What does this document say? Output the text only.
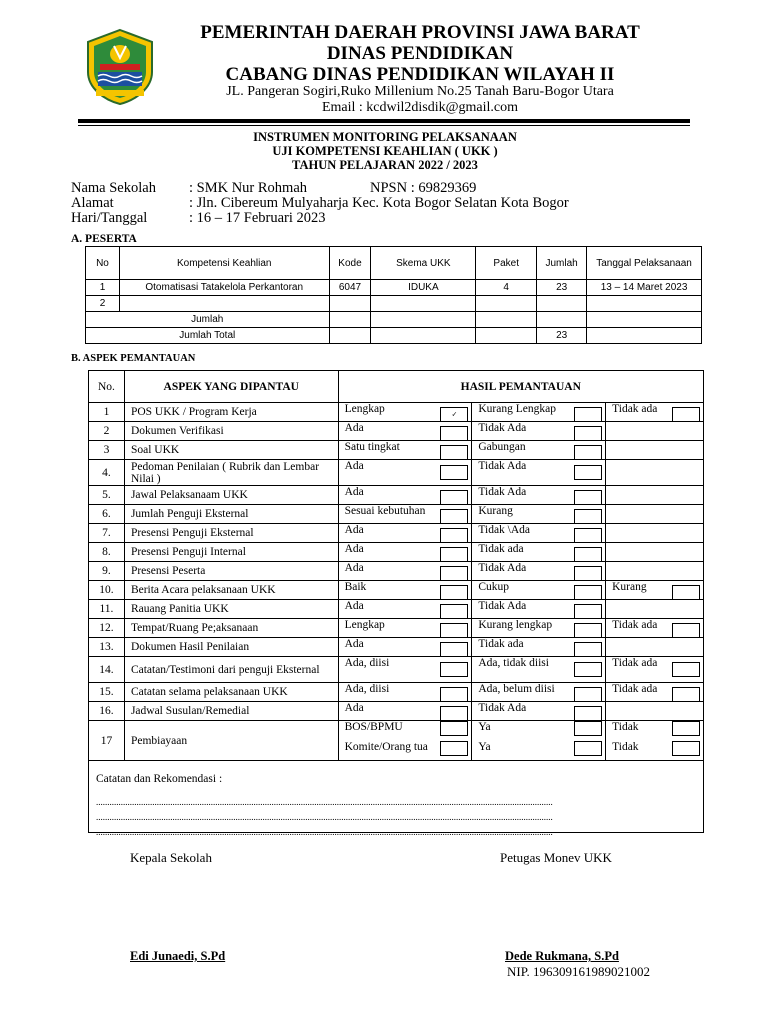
PEMERINTAH DAERAH PROVINSI JAWA BARAT
DINAS PENDIDIKAN
CABANG DINAS PENDIDIKAN WILAYAH II
JL. Pangeran Sogiri,Ruko Millenium No.25 Tanah Baru-Bogor Utara
Email : kcdwil2disdik@gmail.com
INSTRUMEN MONITORING PELAKSANAAN
UJI KOMPETENSI KEAHLIAN ( UKK )
TAHUN PELAJARAN 2022 / 2023
Nama Sekolah : SMK Nur Rohmah	NPSN : 69829369
Alamat	: Jln. Cibereum Mulyaharja Kec. Kota Bogor Selatan Kota Bogor
Hari/Tanggal	: 16 – 17 Februari 2023
A. PESERTA
No	Kompetensi Keahlian	Kode	Skema UKK	Paket	Jumlah	Tanggal Pelaksanaan
1	Otomatisasi Tatakelola Perkantoran	6047	IDUKA	4	23	13 – 14 Maret 2023
2						
Jumlah						
Jumlah Total					23	
B. ASPEK PEMANTAUAN
No.	ASPEK YANG DIPANTAU	HASIL PEMANTAUAN		
1	POS UKK / Program Kerja	Lengkap ✓	Kurang Lengkap	Tidak ada

2	Dokumen Verifikasi	Ada	Tidak Ada	

3	Soal UKK	Satu tingkat	Gabungan	

4.	Pedoman Penilaian ( Rubrik dan Lembar Nilai )	Ada	Tidak Ada	

5.	Jawal Pelaksanaam UKK	Ada	Tidak Ada	

6.	Jumlah Penguji Eksternal	Sesuai kebutuhan	Kurang	

7.	Presensi Penguji Eksternal	Ada	Tidak \Ada	

8.	Presensi Penguji Internal	Ada	Tidak ada	

9.	Presensi Peserta	Ada	Tidak Ada	

10.	Berita Acara pelaksanaan UKK	Baik	Cukup	Kurang

11.	Rauang Panitia UKK	Ada	Tidak Ada	

12.	Tempat/Ruang Pe;aksanaan	Lengkap	Kurang lengkap	Tidak ada

13.	Dokumen Hasil Penilaian	Ada	Tidak ada	

14.	Catatan/Testimoni dari penguji Eksternal	Ada, diisi	Ada, tidak diisi	Tidak ada

15.	Catatan selama pelaksanaan UKK	Ada, diisi	Ada, belum diisi	Tidak ada

16.	Jadwal Susulan/Remedial	Ada	Tidak Ada	

17	Pembiayaan	BOS/BPMU	Ya	Tidak

		Komite/Orang tua	Ya	Tidak

Catatan dan Rekomendasi :				
...........................................................................................................................................................................................................
...........................................................................................................................................................................................................
...........................................................................................................................................................................................................
Kepala Sekolah	Petugas Monev UKK
Edi Junaedi, S.Pd	Dede Rukmana, S.Pd
NIP. 196309161989021002
